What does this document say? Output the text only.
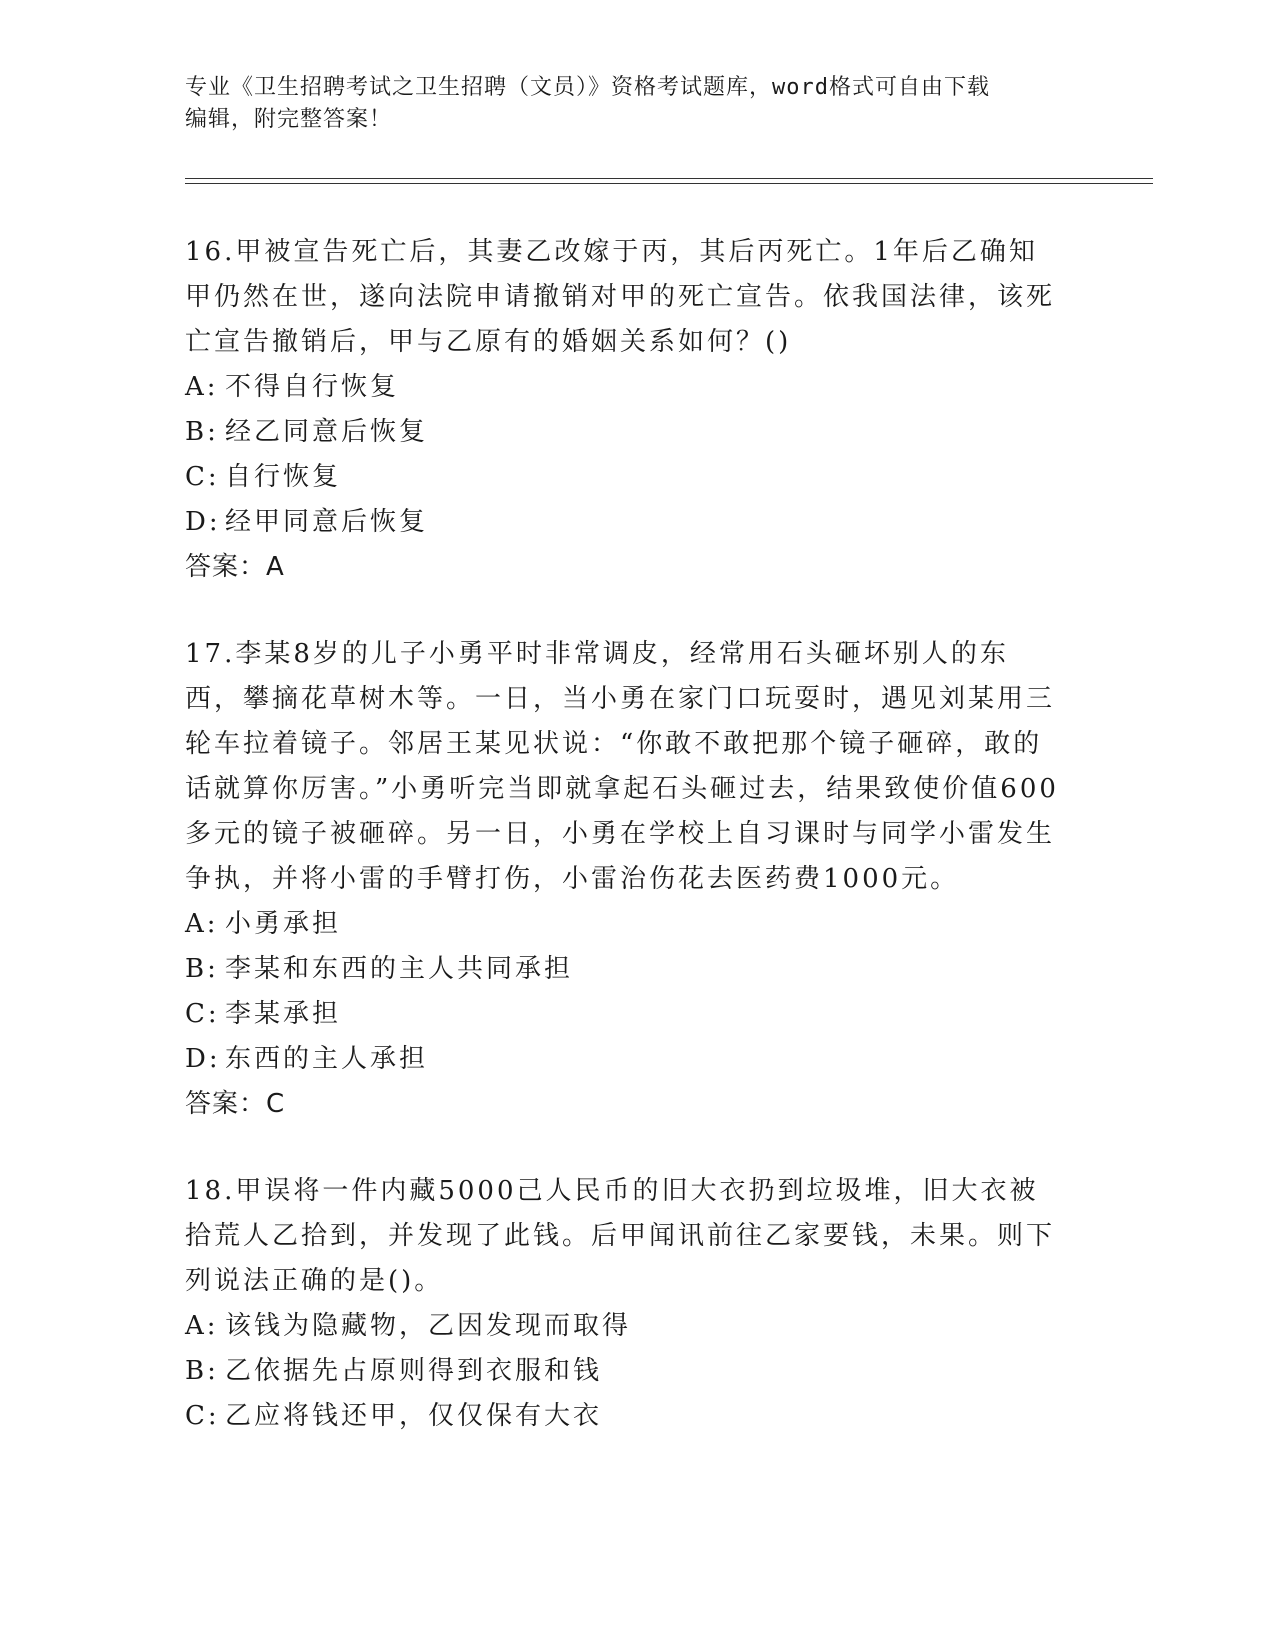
专业《卫生招聘考试之卫生招聘（文员）》资格考试题库，word格式可自由下载
编辑，附完整答案！

16.甲被宣告死亡后，其妻乙改嫁于丙，其后丙死亡。1年后乙确知甲仍然在世，遂向法院申请撤销对甲的死亡宣告。依我国法律，该死亡宣告撤销后，甲与乙原有的婚姻关系如何？()

A: 不得自行恢复

B: 经乙同意后恢复

C: 自行恢复

D: 经甲同意后恢复

答案：A

17.李某8岁的儿子小勇平时非常调皮，经常用石头砸坏别人的东西，攀摘花草树木等。一日，当小勇在家门口玩耍时，遇见刘某用三轮车拉着镜子。邻居王某见状说：“你敢不敢把那个镜子砸碎，敢的话就算你厉害。”小勇听完当即就拿起石头砸过去，结果致使价值600多元的镜子被砸碎。另一日，小勇在学校上自习课时与同学小雷发生争执，并将小雷的手臂打伤，小雷治伤花去医药费1000元。

A: 小勇承担

B: 李某和东西的主人共同承担

C: 李某承担

D: 东西的主人承担

答案：C

18.甲误将一件内藏5000己人民币的旧大衣扔到垃圾堆，旧大衣被拾荒人乙拾到，并发现了此钱。后甲闻讯前往乙家要钱，未果。则下列说法正确的是()。

A: 该钱为隐藏物，乙因发现而取得

B: 乙依据先占原则得到衣服和钱

C: 乙应将钱还甲，仅仅保有大衣
